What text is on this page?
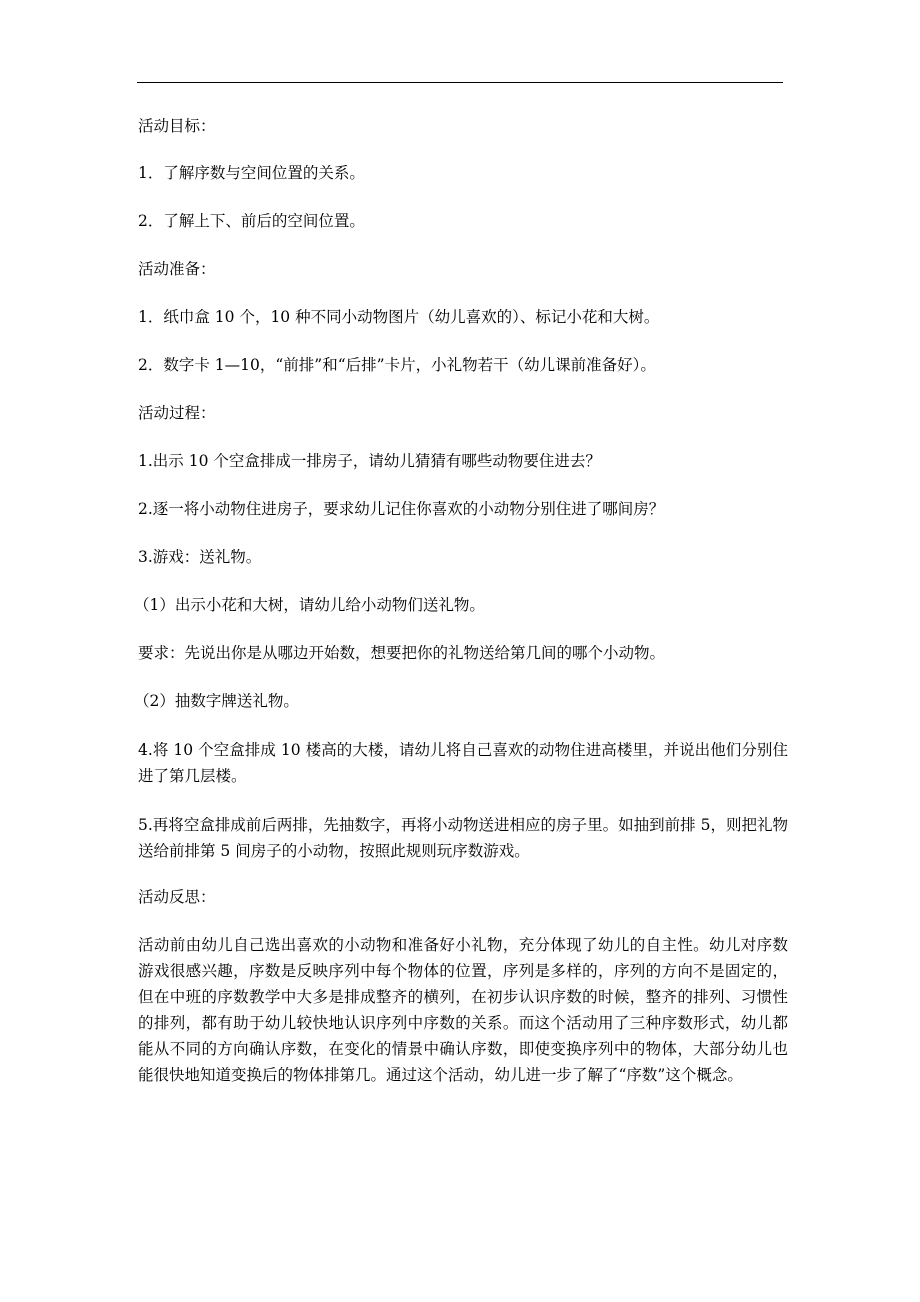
活动目标：
1．了解序数与空间位置的关系。
2．了解上下、前后的空间位置。
活动准备：
1．纸巾盒 10 个，10 种不同小动物图片（幼儿喜欢的）、标记小花和大树。
2．数字卡 1—10，“前排”和“后排”卡片，小礼物若干（幼儿课前准备好）。
活动过程：
1.出示 10 个空盒排成一排房子，请幼儿猜猜有哪些动物要住进去？
2.逐一将小动物住进房子，要求幼儿记住你喜欢的小动物分别住进了哪间房？
3.游戏：送礼物。
（1）出示小花和大树，请幼儿给小动物们送礼物。
要求：先说出你是从哪边开始数，想要把你的礼物送给第几间的哪个小动物。
（2）抽数字牌送礼物。
4.将 10 个空盒排成 10 楼高的大楼，请幼儿将自己喜欢的动物住进高楼里，并说出他们分别住进了第几层楼。
5.再将空盒排成前后两排，先抽数字，再将小动物送进相应的房子里。如抽到前排 5，则把礼物送给前排第 5 间房子的小动物，按照此规则玩序数游戏。
活动反思：
活动前由幼儿自己选出喜欢的小动物和准备好小礼物，充分体现了幼儿的自主性。幼儿对序数游戏很感兴趣，序数是反映序列中每个物体的位置，序列是多样的，序列的方向不是固定的，但在中班的序数教学中大多是排成整齐的横列，在初步认识序数的时候，整齐的排列、习惯性的排列，都有助于幼儿较快地认识序列中序数的关系。而这个活动用了三种序数形式，幼儿都能从不同的方向确认序数，在变化的情景中确认序数，即使变换序列中的物体，大部分幼儿也能很快地知道变换后的物体排第几。通过这个活动，幼儿进一步了解了“序数”这个概念。
